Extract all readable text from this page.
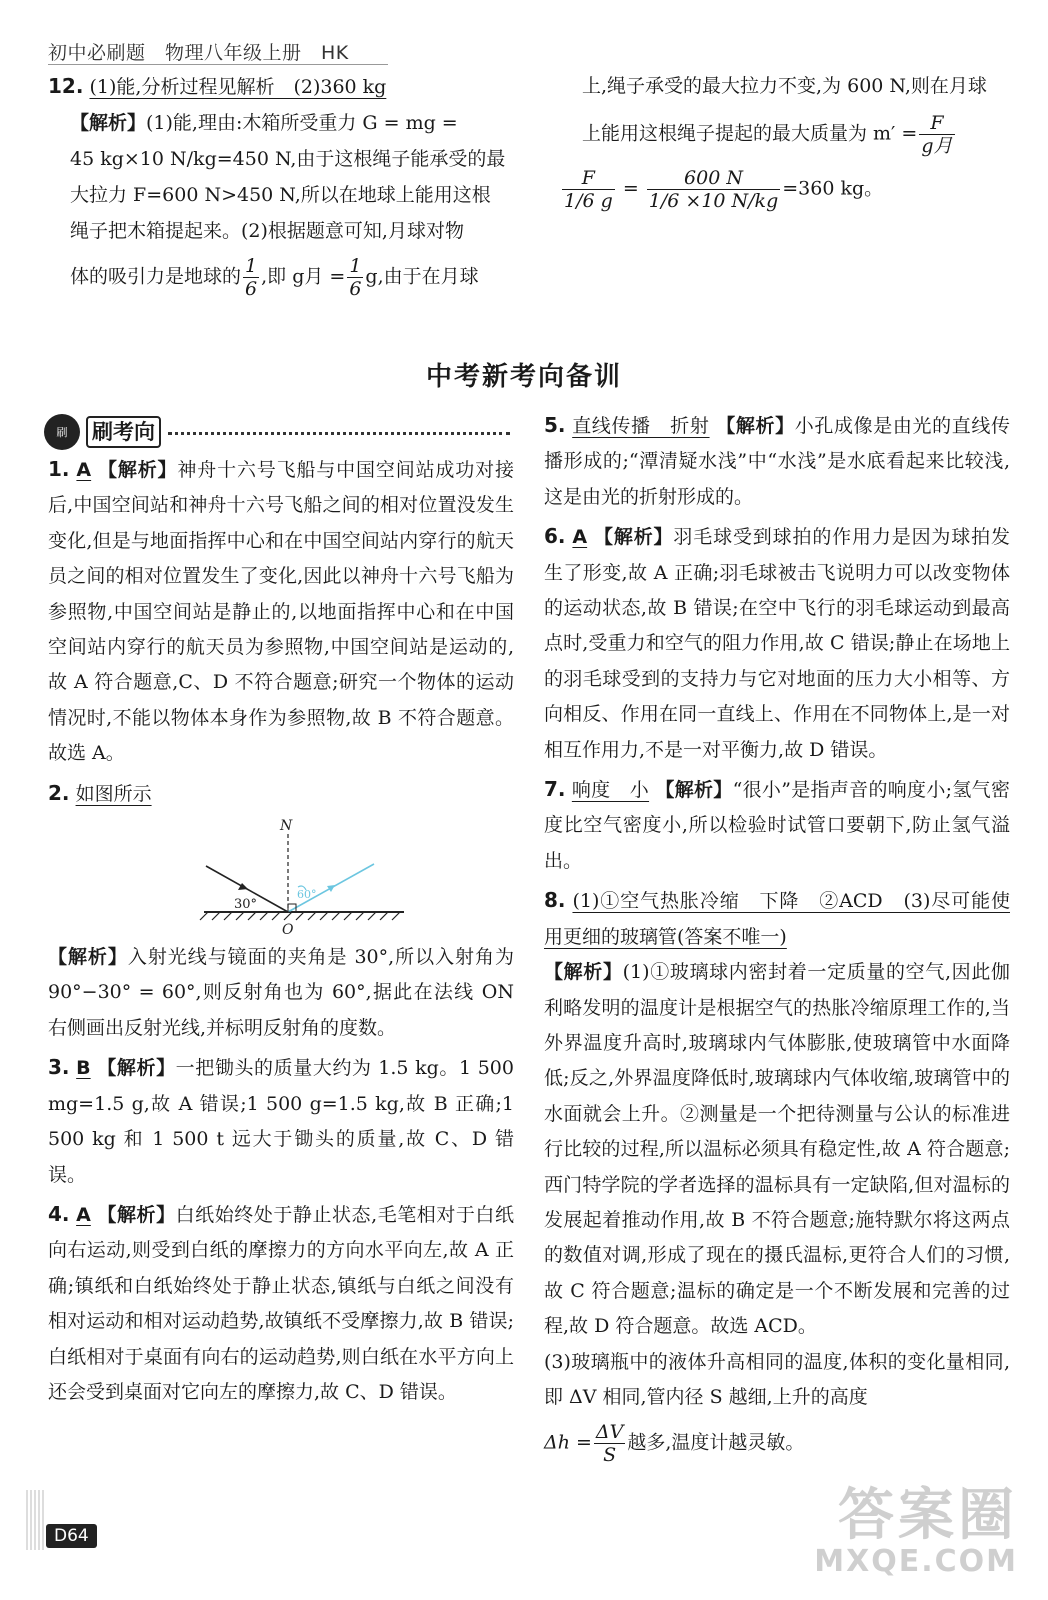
初中必刷题　物理八年级上册　HK

12. (1)能,分析过程见解析　(2)360 kg

【解析】(1)能,理由:木箱所受重力 G = mg =

45 kg×10 N/kg=450 N,由于这根绳子能承受的最

大拉力 F=600 N>450 N,所以在地球上能用这根

绳子把木箱提起来。(2)根据题意可知,月球对物

体的吸引力是地球的 $\frac{1}{6}$ ,即 g月 = $\frac{1}{6} g$,由于在月球

上,绳子承受的最大拉力不变,为 600 N,则在月球

上能用这根绳子提起的最大质量为 $m' = \frac{F}{\text{g月}}$

$\frac{F}{1/6 g} = \frac{600 N}{1/6 \times 10 N/kg} =360$ kg。

中考新考向备训
刷	刷考向

1. A 【解析】神舟十六号飞船与中国空间站成功对接后,中国空间站和神舟十六号飞船之间的相对位置没发生变化,但是与地面指挥中心和在中国空间站内穿行的航天员之间的相对位置发生了变化,因此以神舟十六号飞船为参照物,中国空间站是静止的,以地面指挥中心和在中国空间站内穿行的航天员为参照物,中国空间站是运动的,故 A 符合题意,C、D 不符合题意;研究一个物体的运动情况时,不能以物体本身作为参照物,故 B 不符合题意。故选 A。

2. 如图所示

N
O
30°
60°

【解析】入射光线与镜面的夹角是 30°,所以入射角为 90°−30° = 60°,则反射角也为 60°,据此在法线 ON 右侧画出反射光线,并标明反射角的度数。

3. B 【解析】一把锄头的质量大约为 1.5 kg。1 500 mg=1.5 g,故 A 错误;1 500 g=1.5 kg,故 B 正确;1 500 kg 和 1 500 t 远大于锄头的质量,故 C、D 错误。

4. A 【解析】白纸始终处于静止状态,毛笔相对于白纸向右运动,则受到白纸的摩擦力的方向水平向左,故 A 正确;镇纸和白纸始终处于静止状态,镇纸与白纸之间没有相对运动和相对运动趋势,故镇纸不受摩擦力,故 B 错误;白纸相对于桌面有向右的运动趋势,则白纸在水平方向上还会受到桌面对它向左的摩擦力,故 C、D 错误。

5. 直线传播　折射 【解析】小孔成像是由光的直线传播形成的;“潭清疑水浅”中“水浅”是水底看起来比较浅,这是由光的折射形成的。

6. A 【解析】羽毛球受到球拍的作用力是因为球拍发生了形变,故 A 正确;羽毛球被击飞说明力可以改变物体的运动状态,故 B 错误;在空中飞行的羽毛球运动到最高点时,受重力和空气的阻力作用,故 C 错误;静止在场地上的羽毛球受到的支持力与它对地面的压力大小相等、方向相反、作用在同一直线上、作用在不同物体上,是一对相互作用力,不是一对平衡力,故 D 错误。

7. 响度　小 【解析】“很小”是指声音的响度小;氢气密度比空气密度小,所以检验时试管口要朝下,防止氢气溢出。

8. (1)①空气热胀冷缩　下降　②ACD　(3)尽可能使用更细的玻璃管(答案不唯一)

【解析】(1)①玻璃球内密封着一定质量的空气,因此伽利略发明的温度计是根据空气的热胀冷缩原理工作的,当外界温度升高时,玻璃球内气体膨胀,使玻璃管中水面降低;反之,外界温度降低时,玻璃球内气体收缩,玻璃管中的水面就会上升。②测量是一个把待测量与公认的标准进行比较的过程,所以温标必须具有稳定性,故 A 符合题意;西门特学院的学者选择的温标具有一定缺陷,但对温标的发展起着推动作用,故 B 不符合题意;施特默尔将这两点的数值对调,形成了现在的摄氏温标,更符合人们的习惯,故 C 符合题意;温标的确定是一个不断发展和完善的过程,故 D 符合题意。故选 ACD。

(3)玻璃瓶中的液体升高相同的温度,体积的变化量相同,即 ΔV 相同,管内径 S 越细,上升的高度

$\Delta h = \frac{\Delta V}{S}$ 越多,温度计越灵敏。

D64	答案圈
MXQE.COM
